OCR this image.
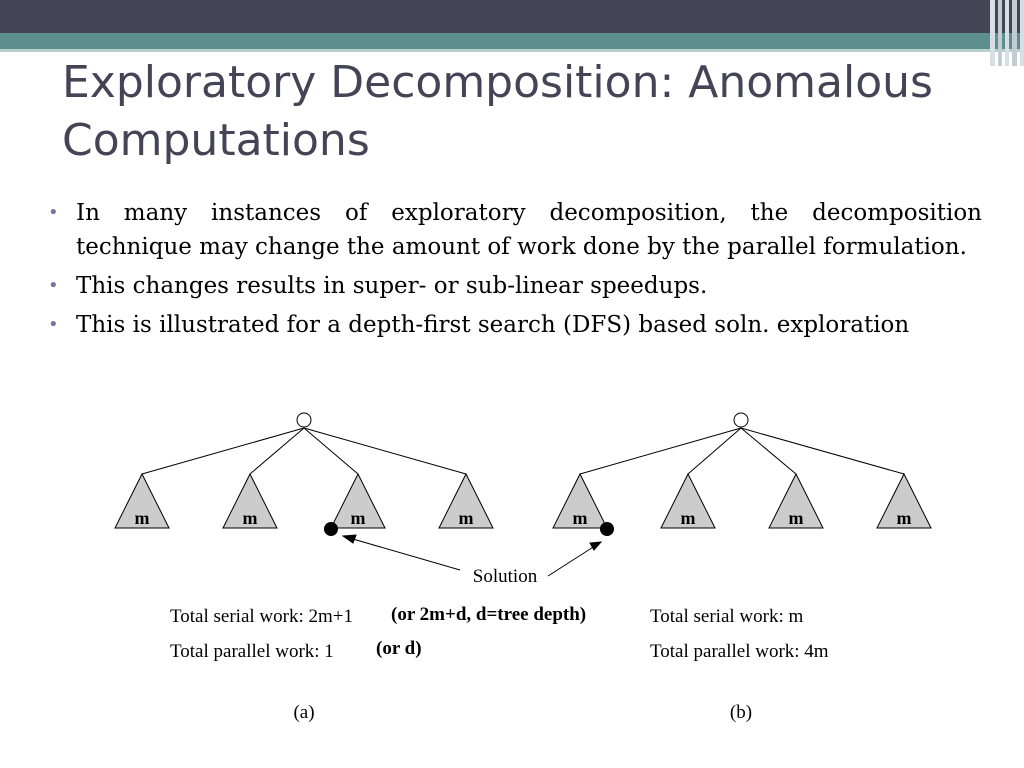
Exploratory Decomposition: Anomalous Computations
• In many instances of exploratory decomposition, the decomposition technique may change the amount of work done by the parallel formulation.
• This changes results in super- or sub-linear speedups.
• This is illustrated for a depth-first search (DFS) based soln. exploration
m	m	m	m	m	m	m	m
Solution
Total serial work: 2m+1 (or 2m+d, d=tree depth)
Total parallel work: 1 (or d)
(a)
Total serial work: m
Total parallel work: 4m
(b)
